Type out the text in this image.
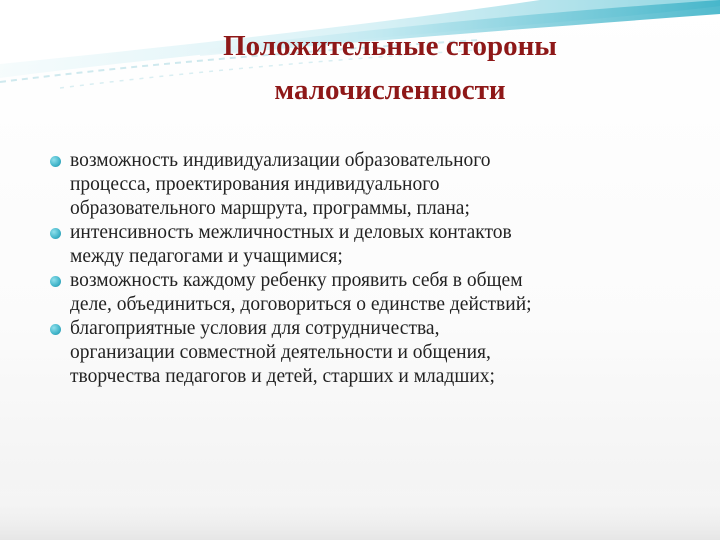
Положительные стороны
малочисленности
возможность индивидуализации образовательного
процесса, проектирования индивидуального
образовательного маршрута, программы, плана;
интенсивность межличностных и деловых контактов
между педагогами и учащимися;
возможность каждому ребенку проявить себя в общем
деле, объединиться, договориться о единстве действий;
благоприятные условия для сотрудничества,
организации совместной деятельности и общения,
творчества педагогов и детей, старших и младших;
